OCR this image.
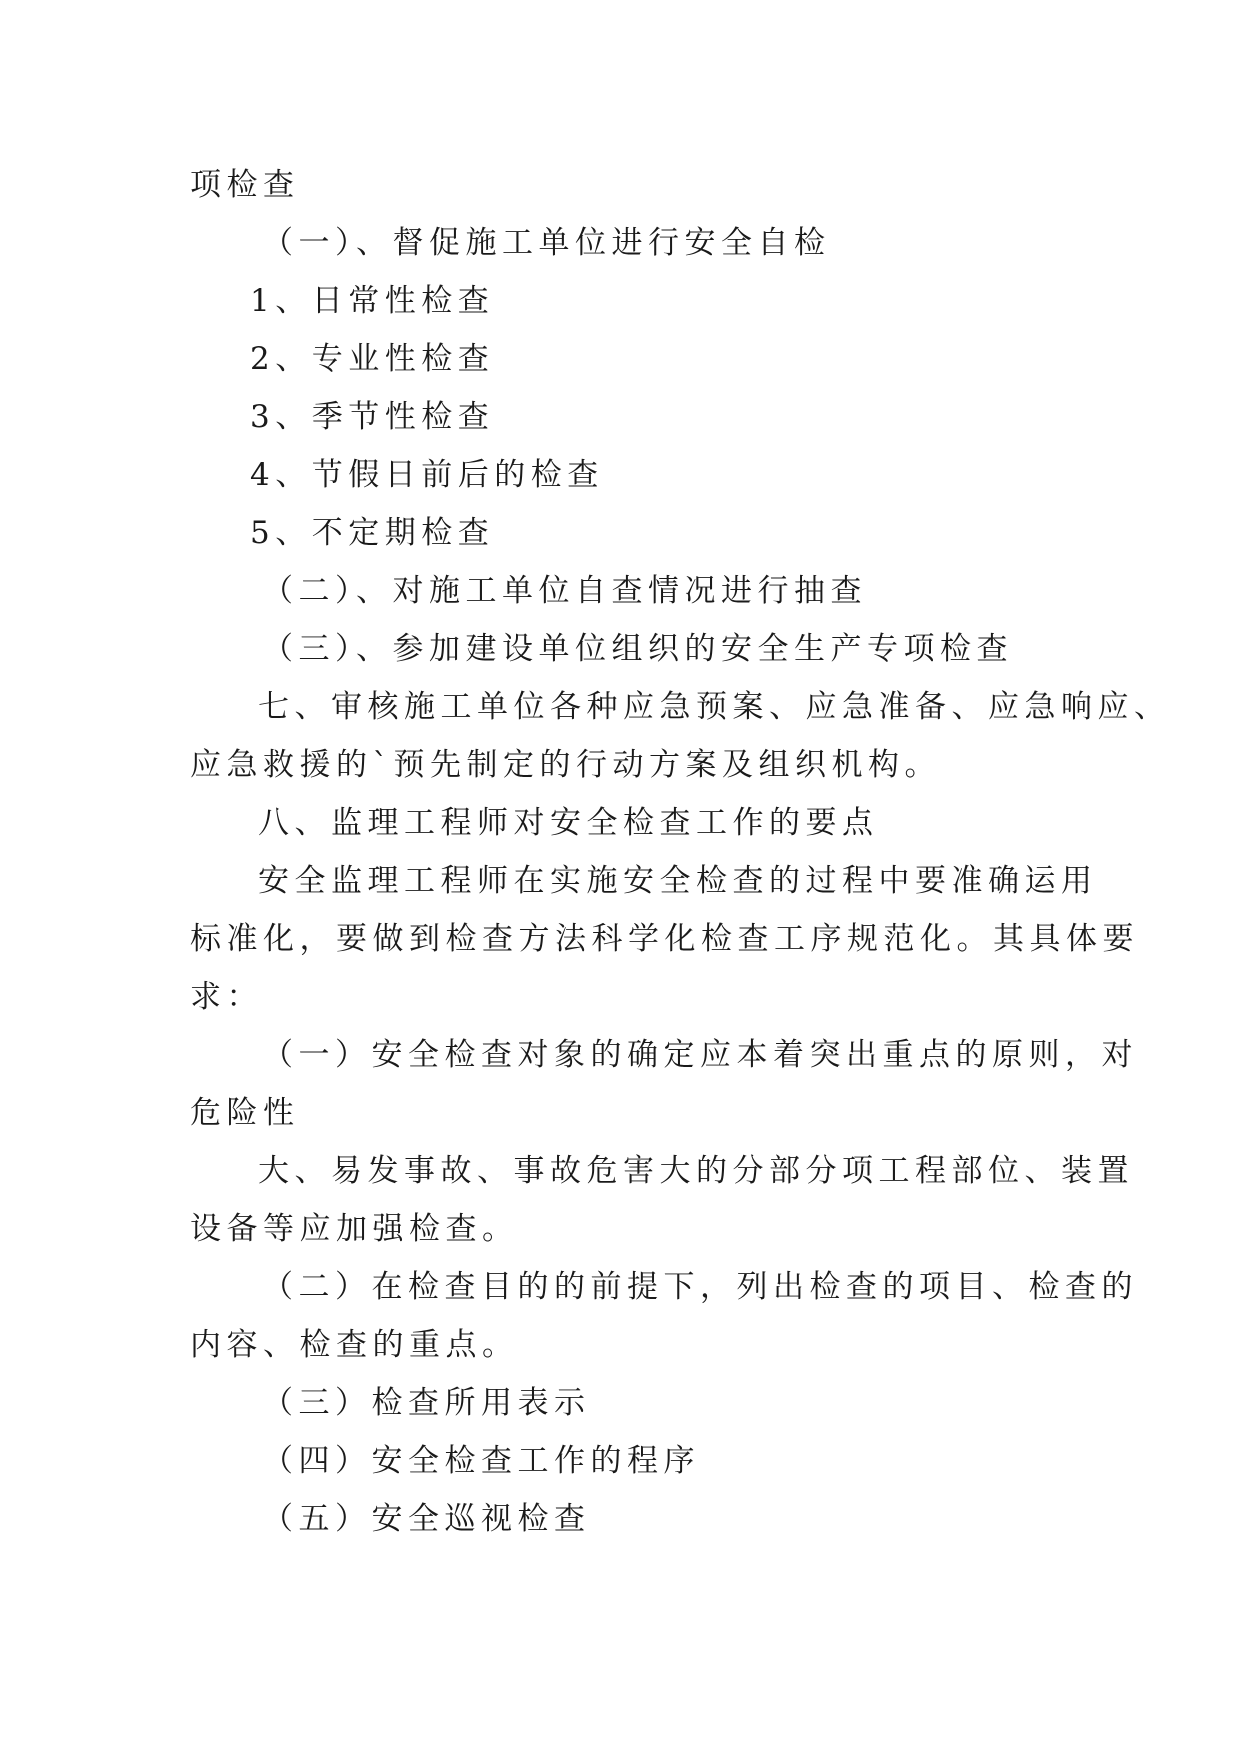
项检查
（一）、督促施工单位进行安全自检
1、日常性检查
2、专业性检查
3、季节性检查
4、节假日前后的检查
5、不定期检查
（二）、对施工单位自查情况进行抽查
（三）、参加建设单位组织的安全生产专项检查
七、审核施工单位各种应急预案、应急准备、应急响应、
应急救援的`预先制定的行动方案及组织机构。
八、监理工程师对安全检查工作的要点
安全监理工程师在实施安全检查的过程中要准确运用
标准化，要做到检查方法科学化检查工序规范化。其具体要
求：
（一）安全检查对象的确定应本着突出重点的原则，对
危险性
大、易发事故、事故危害大的分部分项工程部位、装置
设备等应加强检查。
（二）在检查目的的前提下，列出检查的项目、检查的
内容、检查的重点。
（三）检查所用表示
（四）安全检查工作的程序
（五）安全巡视检查
